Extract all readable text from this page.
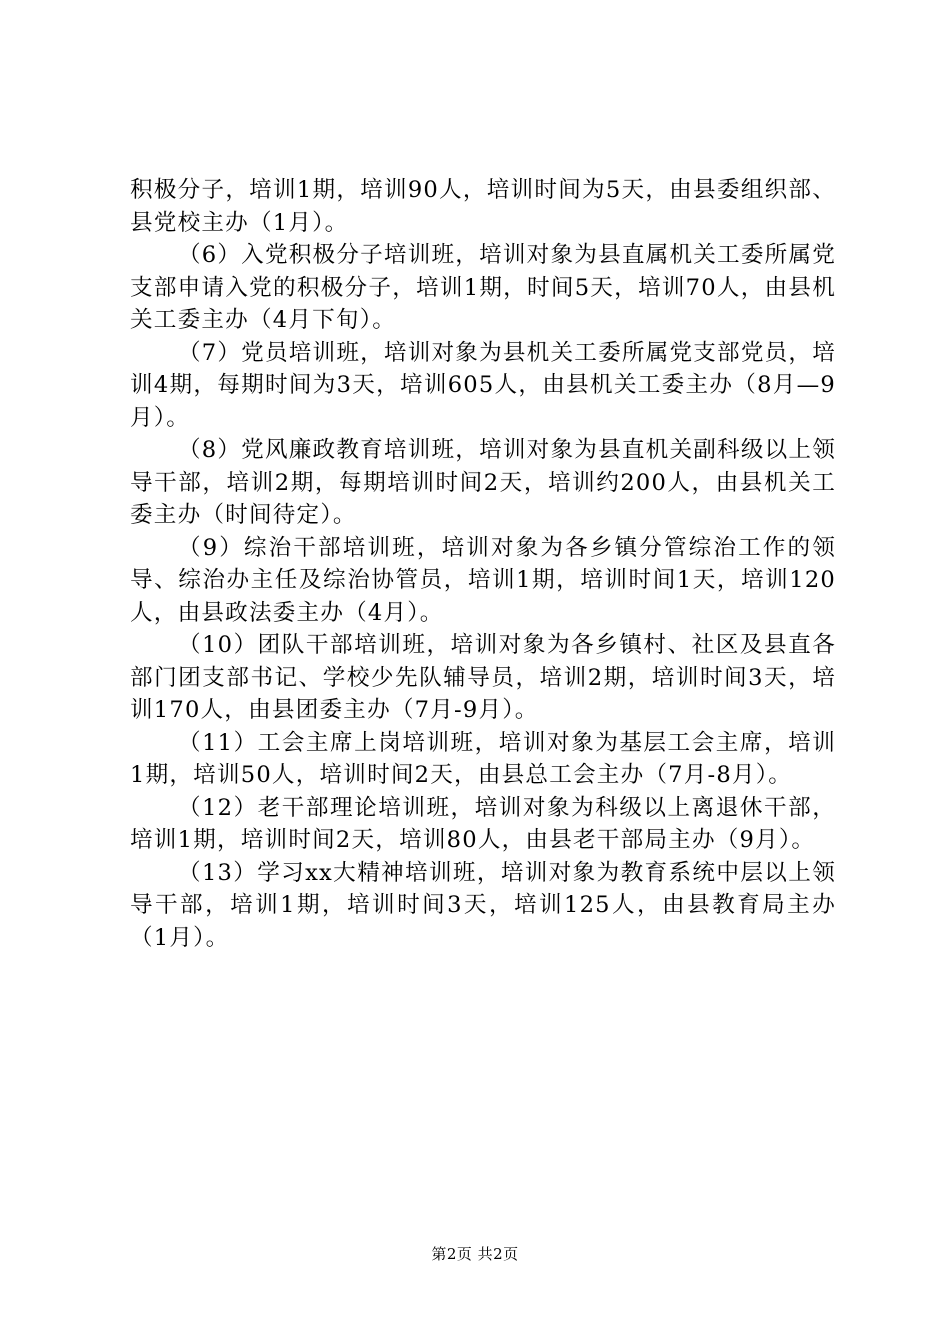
积极分子，培训1期，培训90人，培训时间为5天，由县委组织部、县党校主办（1月）。

（6）入党积极分子培训班，培训对象为县直属机关工委所属党支部申请入党的积极分子，培训1期，时间5天，培训70人，由县机关工委主办（4月下旬）。

（7）党员培训班，培训对象为县机关工委所属党支部党员，培训4期，每期时间为3天，培训605人，由县机关工委主办（8月—9月）。

（8）党风廉政教育培训班，培训对象为县直机关副科级以上领导干部，培训2期，每期培训时间2天，培训约200人，由县机关工委主办（时间待定）。

（9）综治干部培训班，培训对象为各乡镇分管综治工作的领导、综治办主任及综治协管员，培训1期，培训时间1天，培训120人，由县政法委主办（4月）。

（10）团队干部培训班，培训对象为各乡镇村、社区及县直各部门团支部书记、学校少先队辅导员，培训2期，培训时间3天，培训170人，由县团委主办（7月-9月）。

（11）工会主席上岗培训班，培训对象为基层工会主席，培训1期，培训50人，培训时间2天，由县总工会主办（7月-8月）。

（12）老干部理论培训班，培训对象为科级以上离退休干部，培训1期，培训时间2天，培训80人，由县老干部局主办（9月）。

（13）学习xx大精神培训班，培训对象为教育系统中层以上领导干部，培训1期，培训时间3天，培训125人，由县教育局主办（1月）。

第2页 共2页
